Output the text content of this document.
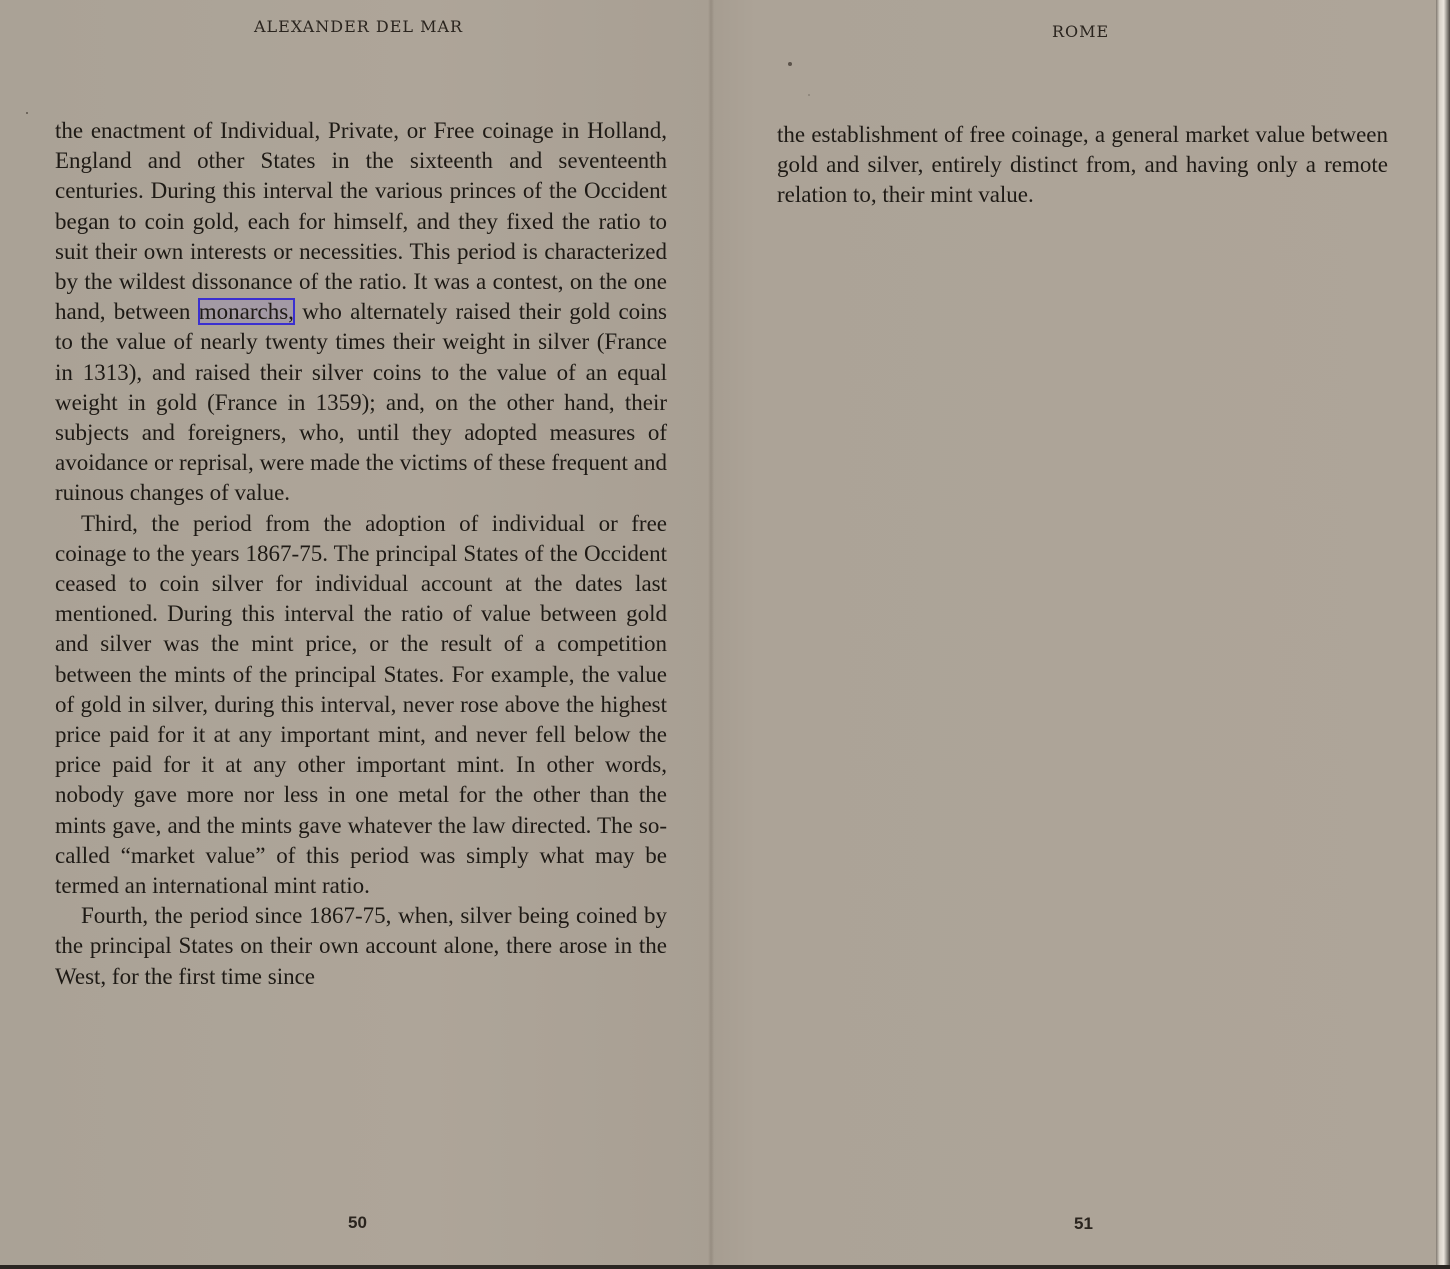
ALEXANDER DEL MAR

the enactment of Individual, Private, or Free coinage in Holland, England and other States in the sixteenth and seventeenth centuries. During this interval the various princes of the Occident began to coin gold, each for himself, and they fixed the ratio to suit their own interests or necessities. This period is characterized by the wildest dissonance of the ratio. It was a contest, on the one hand, between monarchs, who alternately raised their gold coins to the value of nearly twenty times their weight in silver (France in 1313), and raised their silver coins to the value of an equal weight in gold (France in 1359); and, on the other hand, their subjects and foreigners, who, until they adopted measures of avoidance or reprisal, were made the victims of these frequent and ruinous changes of value.

Third, the period from the adoption of individual or free coinage to the years 1867-75. The principal States of the Occident ceased to coin silver for individual account at the dates last mentioned. During this interval the ratio of value between gold and silver was the mint price, or the result of a competition between the mints of the principal States. For example, the value of gold in silver, during this interval, never rose above the highest price paid for it at any important mint, and never fell below the price paid for it at any other important mint. In other words, nobody gave more nor less in one metal for the other than the mints gave, and the mints gave whatever the law directed. The so-called “market value” of this period was simply what may be termed an international mint ratio.

Fourth, the period since 1867-75, when, silver being coined by the principal States on their own account alone, there arose in the West, for the first time since

50
ROME

the establishment of free coinage, a general market value between gold and silver, entirely distinct from, and having only a remote relation to, their mint value.

51
